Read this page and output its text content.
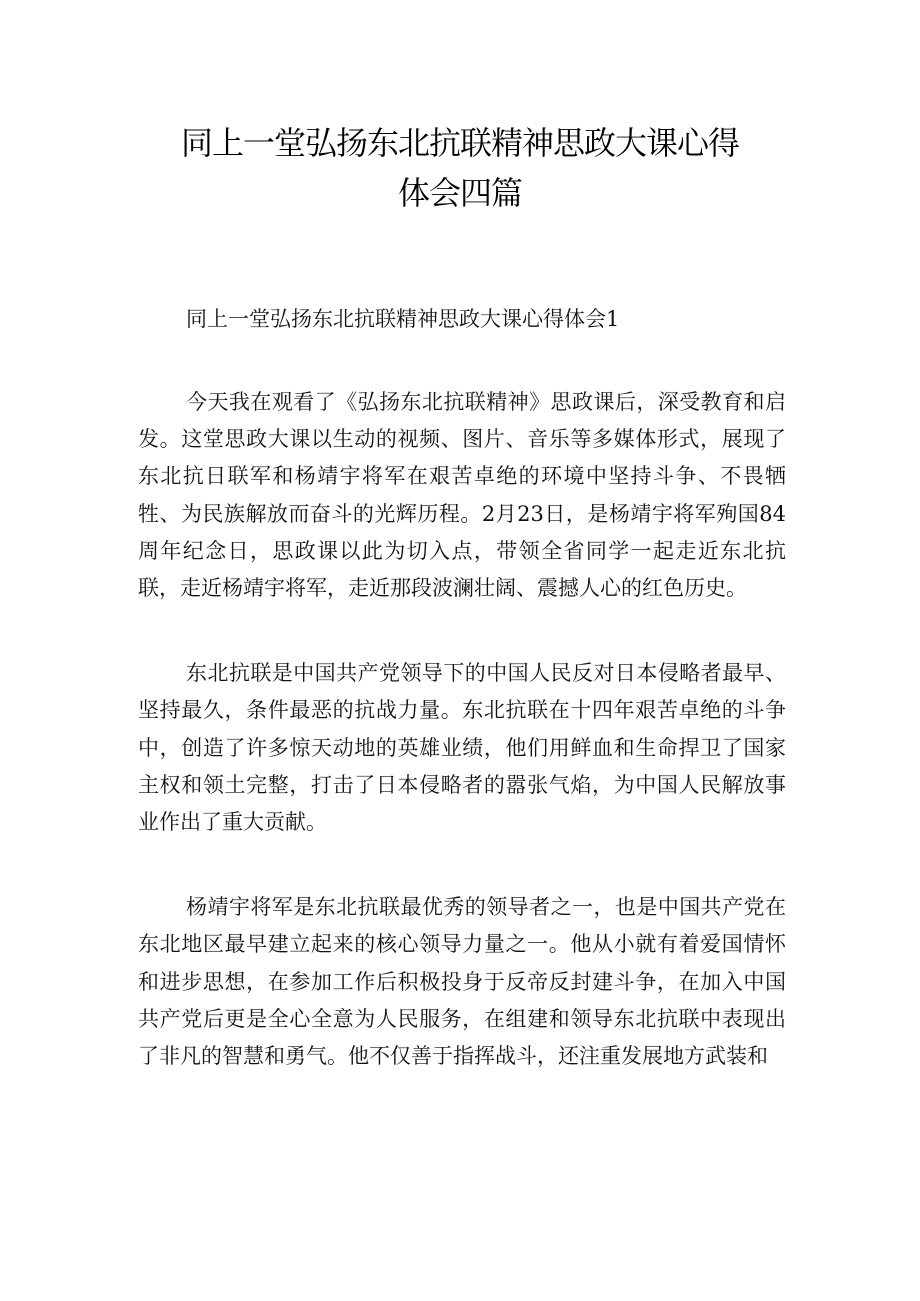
同上一堂弘扬东北抗联精神思政大课心得
体会四篇

同上一堂弘扬东北抗联精神思政大课心得体会1

今天我在观看了《弘扬东北抗联精神》思政课后，深受教育和启发。这堂思政大课以生动的视频、图片、音乐等多媒体形式，展现了东北抗日联军和杨靖宇将军在艰苦卓绝的环境中坚持斗争、不畏牺牲、为民族解放而奋斗的光辉历程。2月23日，是杨靖宇将军殉国84周年纪念日，思政课以此为切入点，带领全省同学一起走近东北抗联，走近杨靖宇将军，走近那段波澜壮阔、震撼人心的红色历史。

东北抗联是中国共产党领导下的中国人民反对日本侵略者最早、坚持最久，条件最恶的抗战力量。东北抗联在十四年艰苦卓绝的斗争中，创造了许多惊天动地的英雄业绩，他们用鲜血和生命捍卫了国家主权和领土完整，打击了日本侵略者的嚣张气焰，为中国人民解放事业作出了重大贡献。

杨靖宇将军是东北抗联最优秀的领导者之一，也是中国共产党在东北地区最早建立起来的核心领导力量之一。他从小就有着爱国情怀和进步思想，在参加工作后积极投身于反帝反封建斗争，在加入中国共产党后更是全心全意为人民服务，在组建和领导东北抗联中表现出了非凡的智慧和勇气。他不仅善于指挥战斗，还注重发展地方武装和
